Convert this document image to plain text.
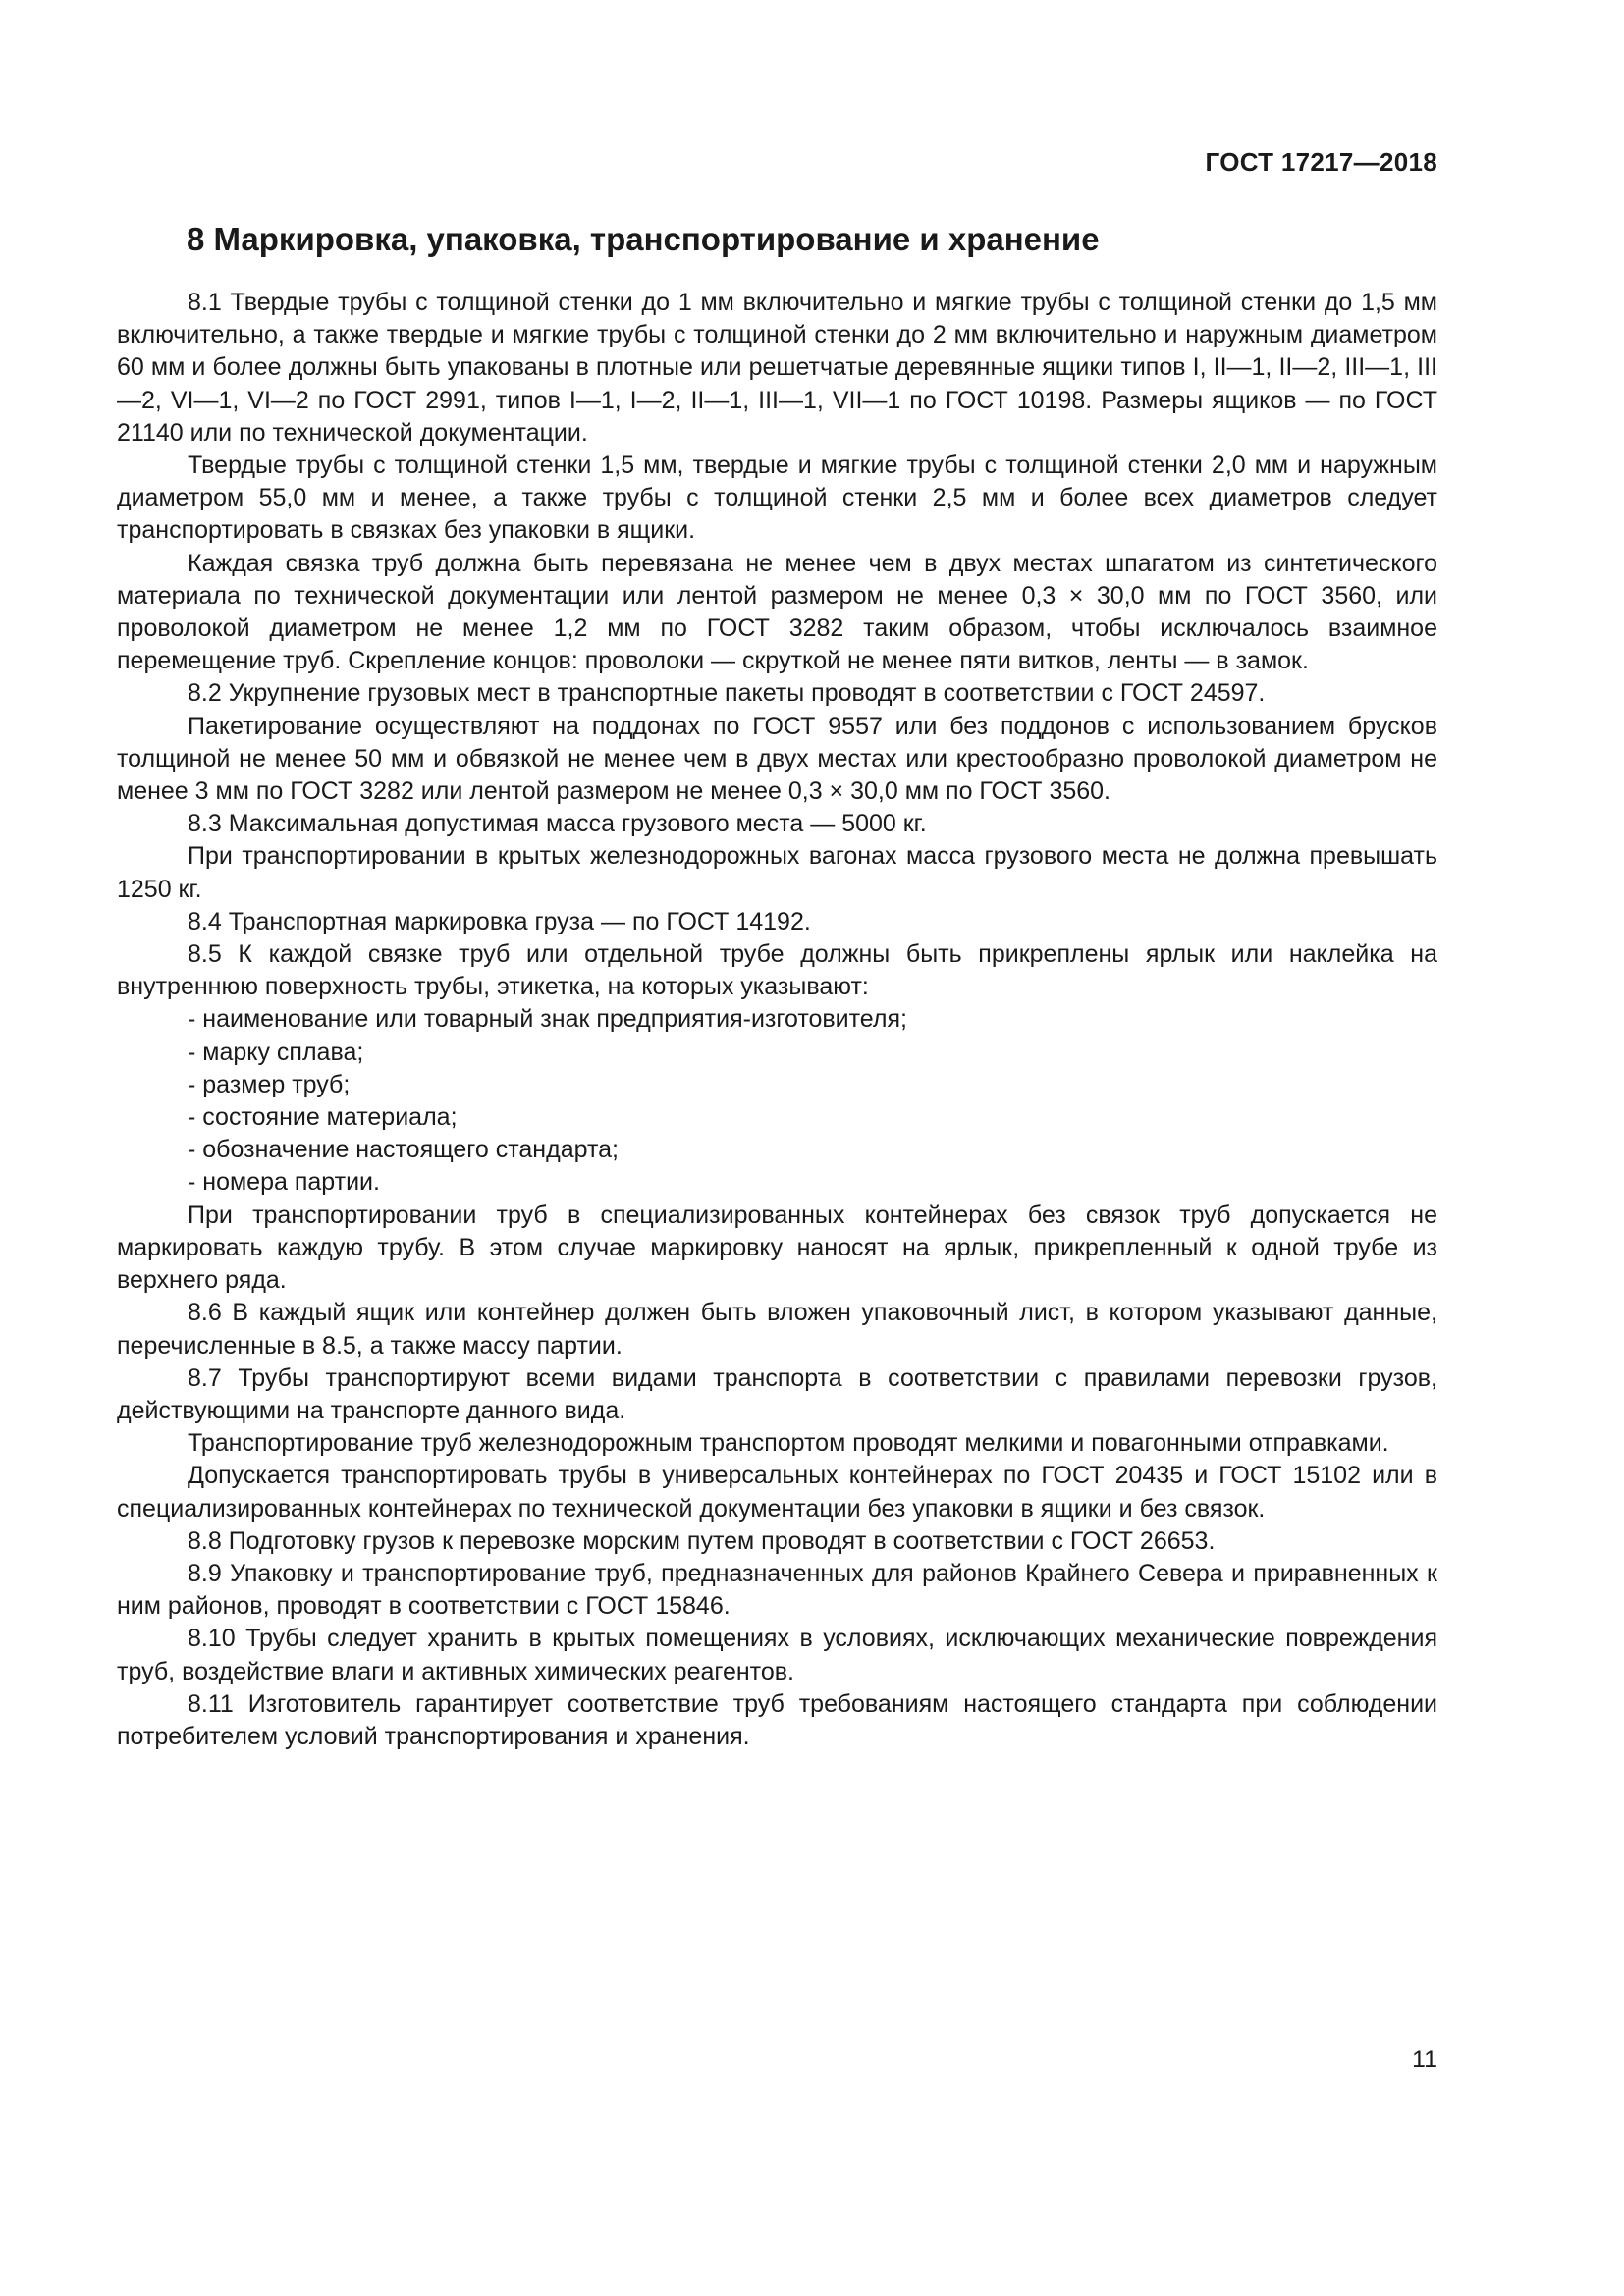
ГОСТ 17217—2018
8 Маркировка, упаковка, транспортирование и хранение

8.1 Твердые трубы с толщиной стенки до 1 мм включительно и мягкие трубы с толщиной стенки до 1,5 мм включительно, а также твердые и мягкие трубы с толщиной стенки до 2 мм включительно и наружным диаметром 60 мм и более должны быть упакованы в плотные или решетчатые деревянные ящики типов I, II—1, II—2, III—1, III—2, VI—1, VI—2 по ГОСТ 2991, типов I—1, I—2, II—1, III—1, VII—1 по ГОСТ 10198. Размеры ящиков — по ГОСТ 21140 или по технической документации.

Твердые трубы с толщиной стенки 1,5 мм, твердые и мягкие трубы с толщиной стенки 2,0 мм и наружным диаметром 55,0 мм и менее, а также трубы с толщиной стенки 2,5 мм и более всех диаметров следует транспортировать в связках без упаковки в ящики.

Каждая связка труб должна быть перевязана не менее чем в двух местах шпагатом из синтетического материала по технической документации или лентой размером не менее 0,3 × 30,0 мм по ГОСТ 3560, или проволокой диаметром не менее 1,2 мм по ГОСТ 3282 таким образом, чтобы исключалось взаимное перемещение труб. Скрепление концов: проволоки — скруткой не менее пяти витков, ленты — в замок.

8.2 Укрупнение грузовых мест в транспортные пакеты проводят в соответствии с ГОСТ 24597.

Пакетирование осуществляют на поддонах по ГОСТ 9557 или без поддонов с использованием брусков толщиной не менее 50 мм и обвязкой не менее чем в двух местах или крестообразно проволокой диаметром не менее 3 мм по ГОСТ 3282 или лентой размером не менее 0,3 × 30,0 мм по ГОСТ 3560.

8.3 Максимальная допустимая масса грузового места — 5000 кг.

При транспортировании в крытых железнодорожных вагонах масса грузового места не должна превышать 1250 кг.

8.4 Транспортная маркировка груза — по ГОСТ 14192.

8.5 К каждой связке труб или отдельной трубе должны быть прикреплены ярлык или наклейка на внутреннюю поверхность трубы, этикетка, на которых указывают:

- наименование или товарный знак предприятия-изготовителя;

- марку сплава;

- размер труб;

- состояние материала;

- обозначение настоящего стандарта;

- номера партии.

При транспортировании труб в специализированных контейнерах без связок труб допускается не маркировать каждую трубу. В этом случае маркировку наносят на ярлык, прикрепленный к одной трубе из верхнего ряда.

8.6 В каждый ящик или контейнер должен быть вложен упаковочный лист, в котором указывают данные, перечисленные в 8.5, а также массу партии.

8.7 Трубы транспортируют всеми видами транспорта в соответствии с правилами перевозки грузов, действующими на транспорте данного вида.

Транспортирование труб железнодорожным транспортом проводят мелкими и повагонными отправками.

Допускается транспортировать трубы в универсальных контейнерах по ГОСТ 20435 и ГОСТ 15102 или в специализированных контейнерах по технической документации без упаковки в ящики и без связок.

8.8 Подготовку грузов к перевозке морским путем проводят в соответствии с ГОСТ 26653.

8.9 Упаковку и транспортирование труб, предназначенных для районов Крайнего Севера и приравненных к ним районов, проводят в соответствии с ГОСТ 15846.

8.10 Трубы следует хранить в крытых помещениях в условиях, исключающих механические повреждения труб, воздействие влаги и активных химических реагентов.

8.11 Изготовитель гарантирует соответствие труб требованиям настоящего стандарта при соблюдении потребителем условий транспортирования и хранения.

11
